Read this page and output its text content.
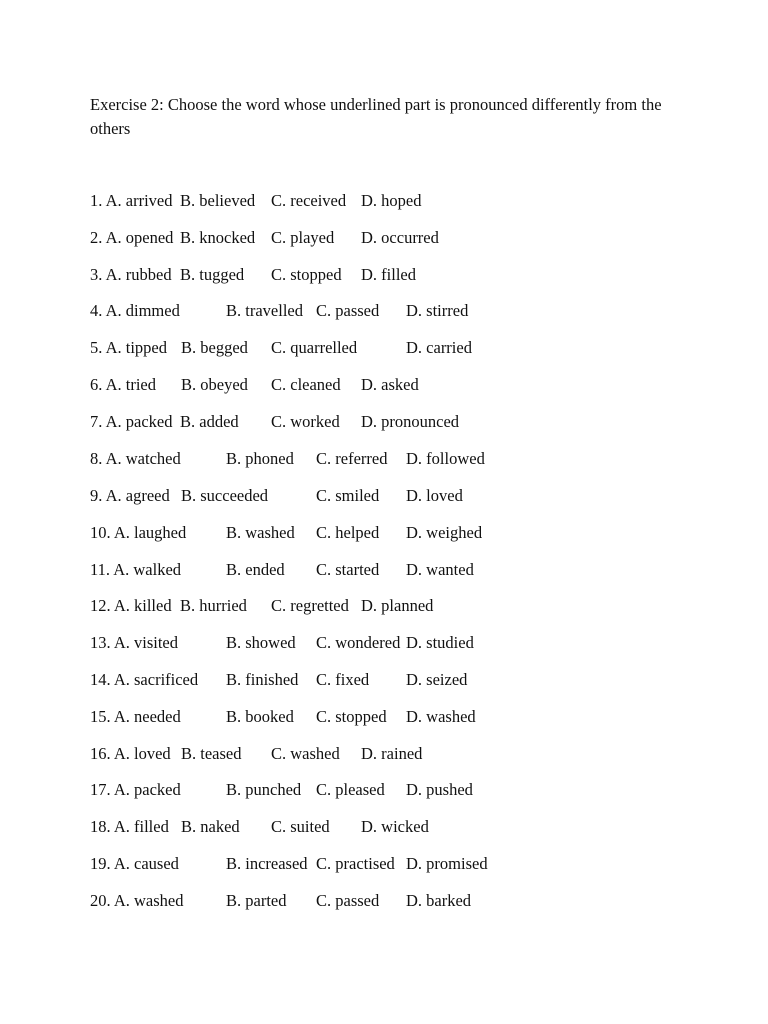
Exercise 2: Choose the word whose underlined part is pronounced differently from the others

1. A. arrived B. believed C. received D. hoped
2. A. opened B. knocked C. played D. occurred
3. A. rubbed B. tugged C. stopped D. filled
4. A. dimmed	B. travelled C. passed D. stirred
5. A. tipped B. begged C. quarrelled	D. carried
6. A. tried B. obeyed C. cleaned D. asked
7. A. packed B. added C. worked D. pronounced
8. A. watched	B. phoned C. referred D. followed
9. A. agreed B. succeeded	C. smiled D. loved
10. A. laughed B. washed C. helped D. weighed
11. A. walked	B. ended C. started D. wanted
12. A. killed B. hurried C. regretted D. planned
13. A. visited	B. showed C. wondered D. studied
14. A. sacrificed B. finished C. fixed D. seized
15. A. needed	B. booked C. stopped D. washed
16. A. loved B. teased C. washed D. rained
17. A. packed	B. punched C. pleased D. pushed
18. A. filled B. naked C. suited D. wicked
19. A. caused	B. increased C. practised D. promised
20. A. washed	B. parted C. passed D. barked
